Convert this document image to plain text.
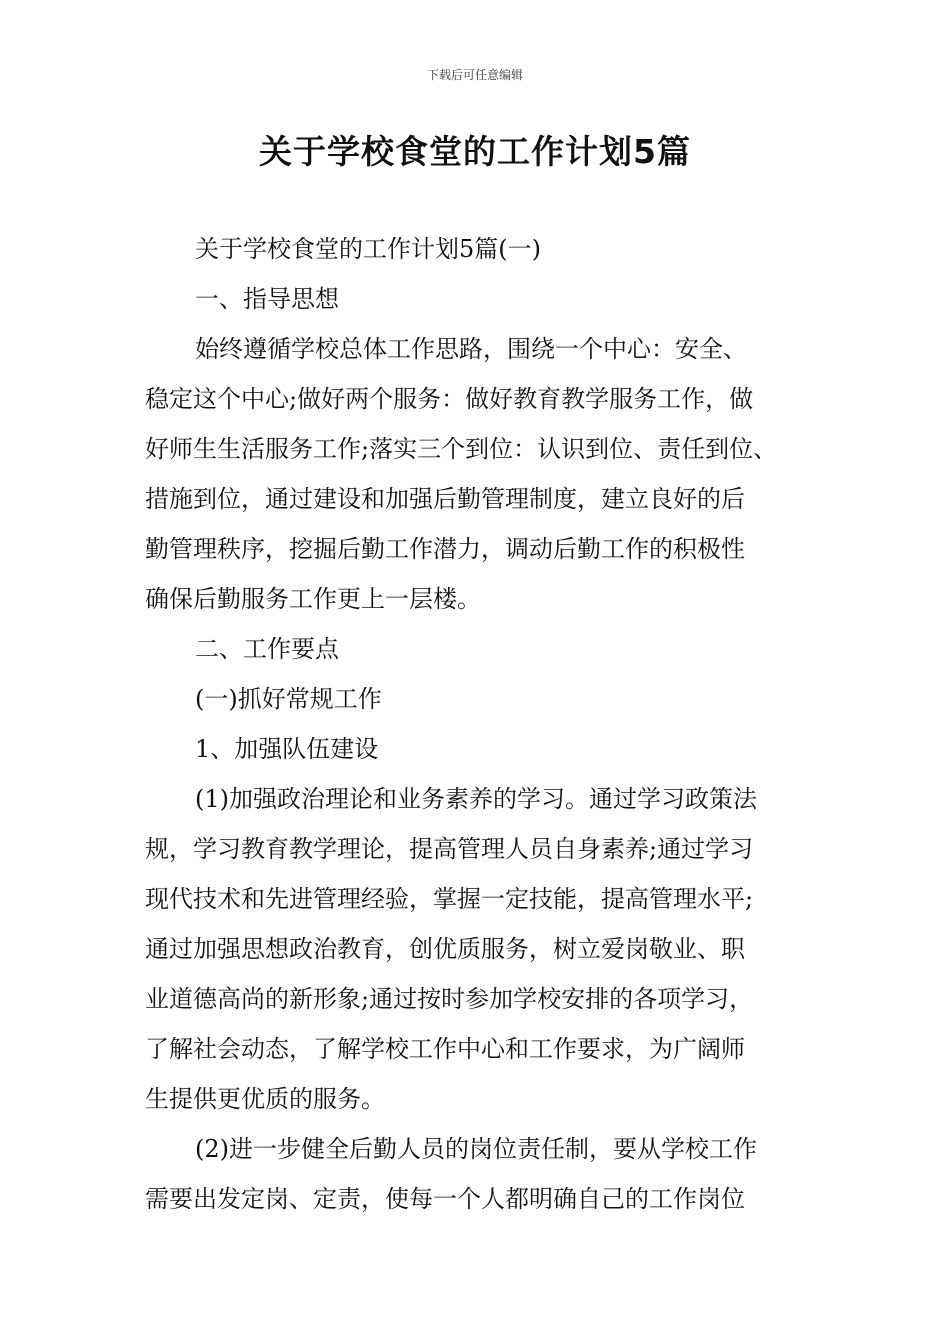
下载后可任意编辑
关于学校食堂的工作计划5篇

关于学校食堂的工作计划5篇(一)

一、指导思想

始终遵循学校总体工作思路，围绕一个中心：安全、
稳定这个中心;做好两个服务：做好教育教学服务工作，做
好师生生活服务工作;落实三个到位：认识到位、责任到位、
措施到位，通过建设和加强后勤管理制度，建立良好的后
勤管理秩序，挖掘后勤工作潜力，调动后勤工作的积极性
确保后勤服务工作更上一层楼。

二、工作要点

(一)抓好常规工作

1、加强队伍建设

(1)加强政治理论和业务素养的学习。通过学习政策法
规，学习教育教学理论，提高管理人员自身素养;通过学习
现代技术和先进管理经验，掌握一定技能，提高管理水平;
通过加强思想政治教育，创优质服务，树立爱岗敬业、职
业道德高尚的新形象;通过按时参加学校安排的各项学习，
了解社会动态，了解学校工作中心和工作要求，为广阔师
生提供更优质的服务。

(2)进一步健全后勤人员的岗位责任制，要从学校工作
需要出发定岗、定责，使每一个人都明确自己的工作岗位
